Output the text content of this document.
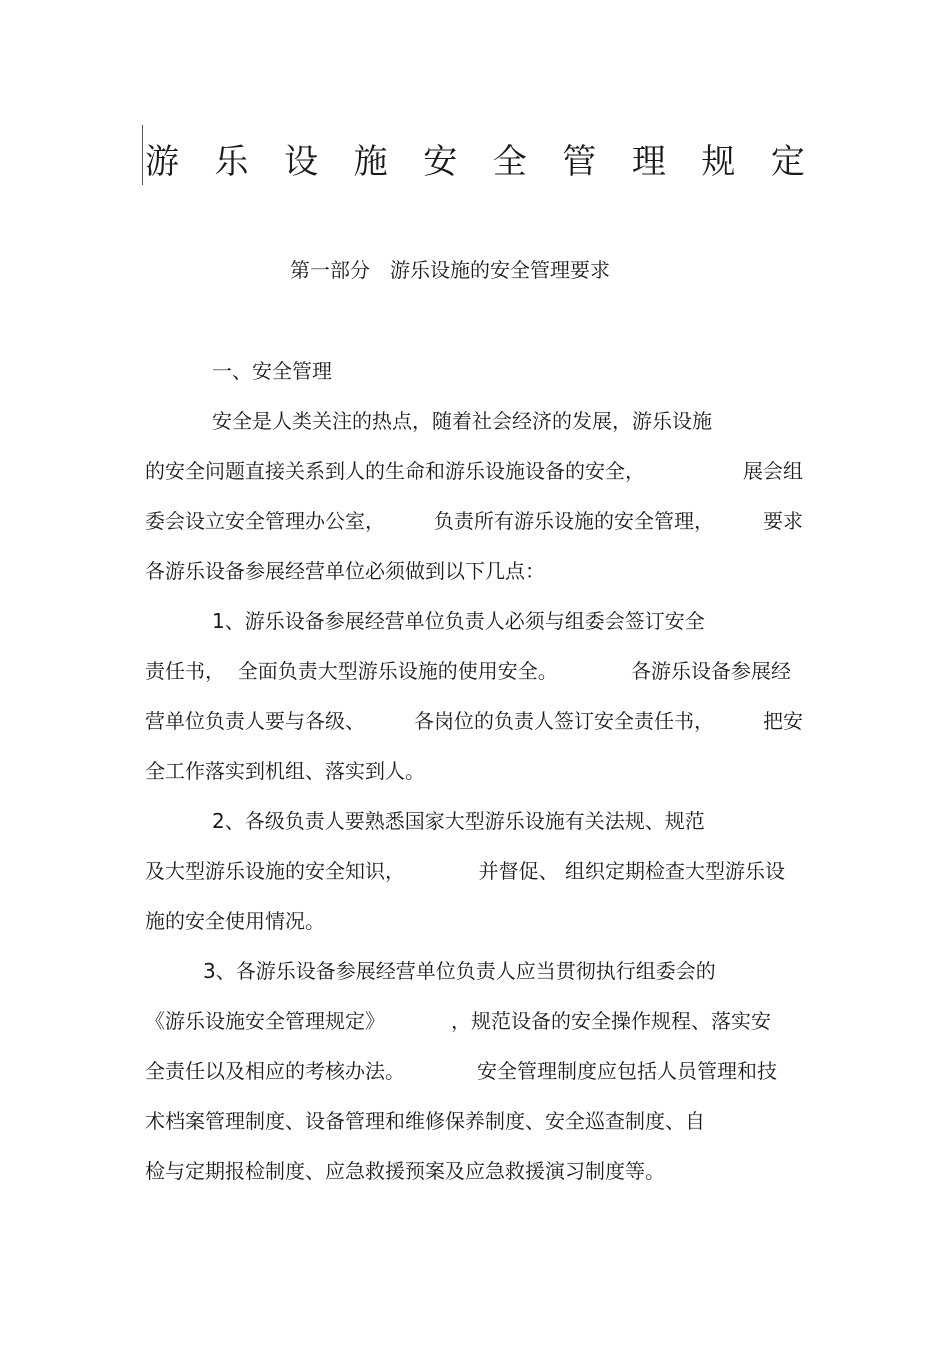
游 乐 设 施 安 全 管 理 规 定
第一部分　游乐设施的安全管理要求
一、安全管理
安全是人类关注的热点，随着社会经济的发展，游乐设施
的安全问题直接关系到人的生命和游乐设施设备的安全，	展会组
委会设立安全管理办公室， 负责所有游乐设施的安全管理， 要求
各游乐设备参展经营单位必须做到以下几点：
1、游乐设备参展经营单位负责人必须与组委会签订安全
责任书，  全面负责大型游乐设施的使用安全。	各游乐设备参展经
营单位负责人要与各级、 各岗位的负责人签订安全责任书， 把安
全工作落实到机组、落实到人。
2、各级负责人要熟悉国家大型游乐设施有关法规、规范
及大型游乐设施的安全知识，	并督促、 组织定期检查大型游乐设
施的安全使用情况。
3、各游乐设备参展经营单位负责人应当贯彻执行组委会的
《游乐设施安全管理规定》	，规范设备的安全操作规程、落实安
全责任以及相应的考核办法。	安全管理制度应包括人员管理和技
术档案管理制度、设备管理和维修保养制度、安全巡查制度、自
检与定期报检制度、应急救援预案及应急救援演习制度等。
